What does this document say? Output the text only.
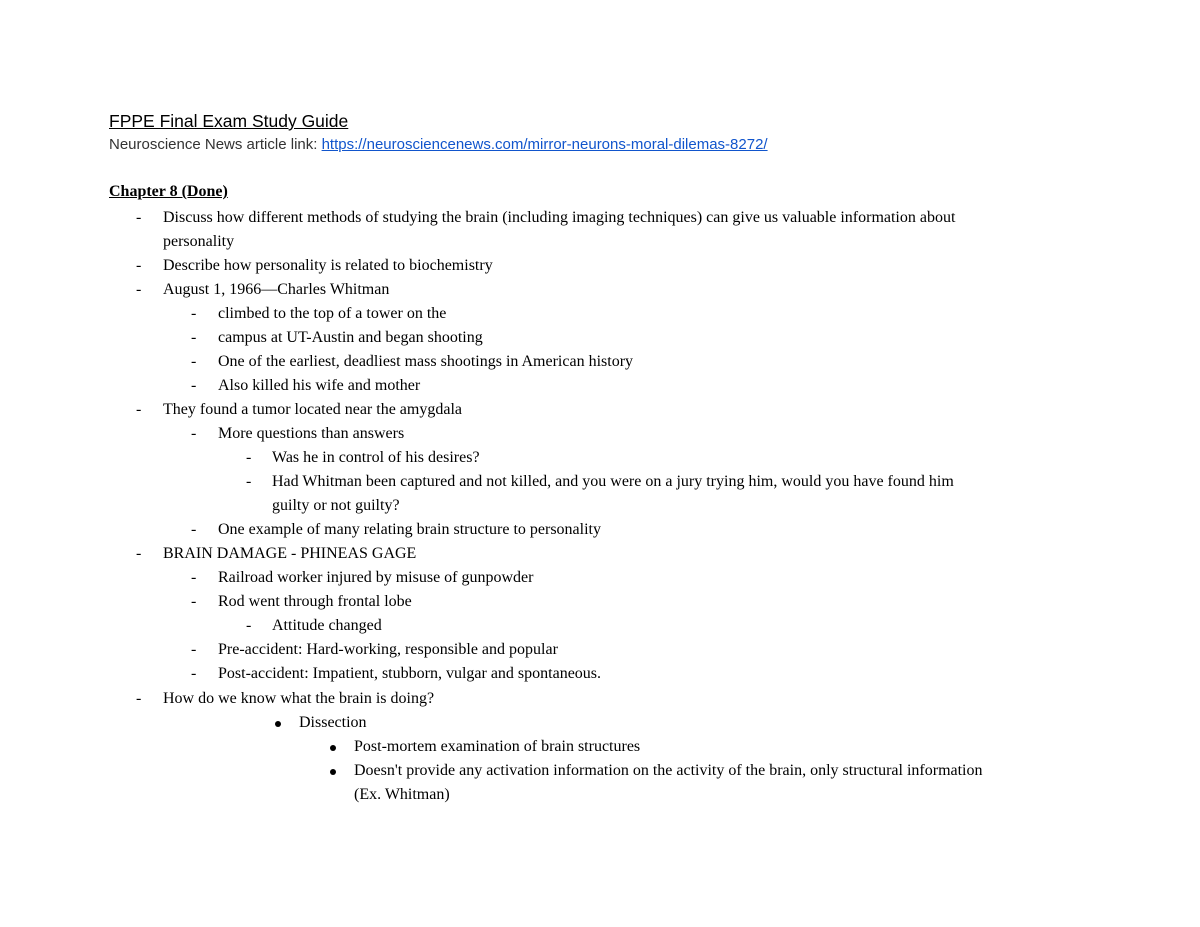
FPPE Final Exam Study Guide
Neuroscience News article link: https://neurosciencenews.com/mirror-neurons-moral-dilemas-8272/
Chapter 8 (Done)
- Discuss how different methods of studying the brain (including imaging techniques) can give us valuable information about
personality
- Describe how personality is related to biochemistry
- August 1, 1966—Charles Whitman
- climbed to the top of a tower on the
- campus at UT-Austin and began shooting
- One of the earliest, deadliest mass shootings in American history
- Also killed his wife and mother
- They found a tumor located near the amygdala
- More questions than answers
- Was he in control of his desires?
- Had Whitman been captured and not killed, and you were on a jury trying him, would you have found him
guilty or not guilty?
- One example of many relating brain structure to personality
- BRAIN DAMAGE - PHINEAS GAGE
- Railroad worker injured by misuse of gunpowder
- Rod went through frontal lobe
- Attitude changed
- Pre-accident: Hard-working, responsible and popular
- Post-accident: Impatient, stubborn, vulgar and spontaneous.
- How do we know what the brain is doing?
Dissection
Post-mortem examination of brain structures
Doesn't provide any activation information on the activity of the brain, only structural information
(Ex. Whitman)
